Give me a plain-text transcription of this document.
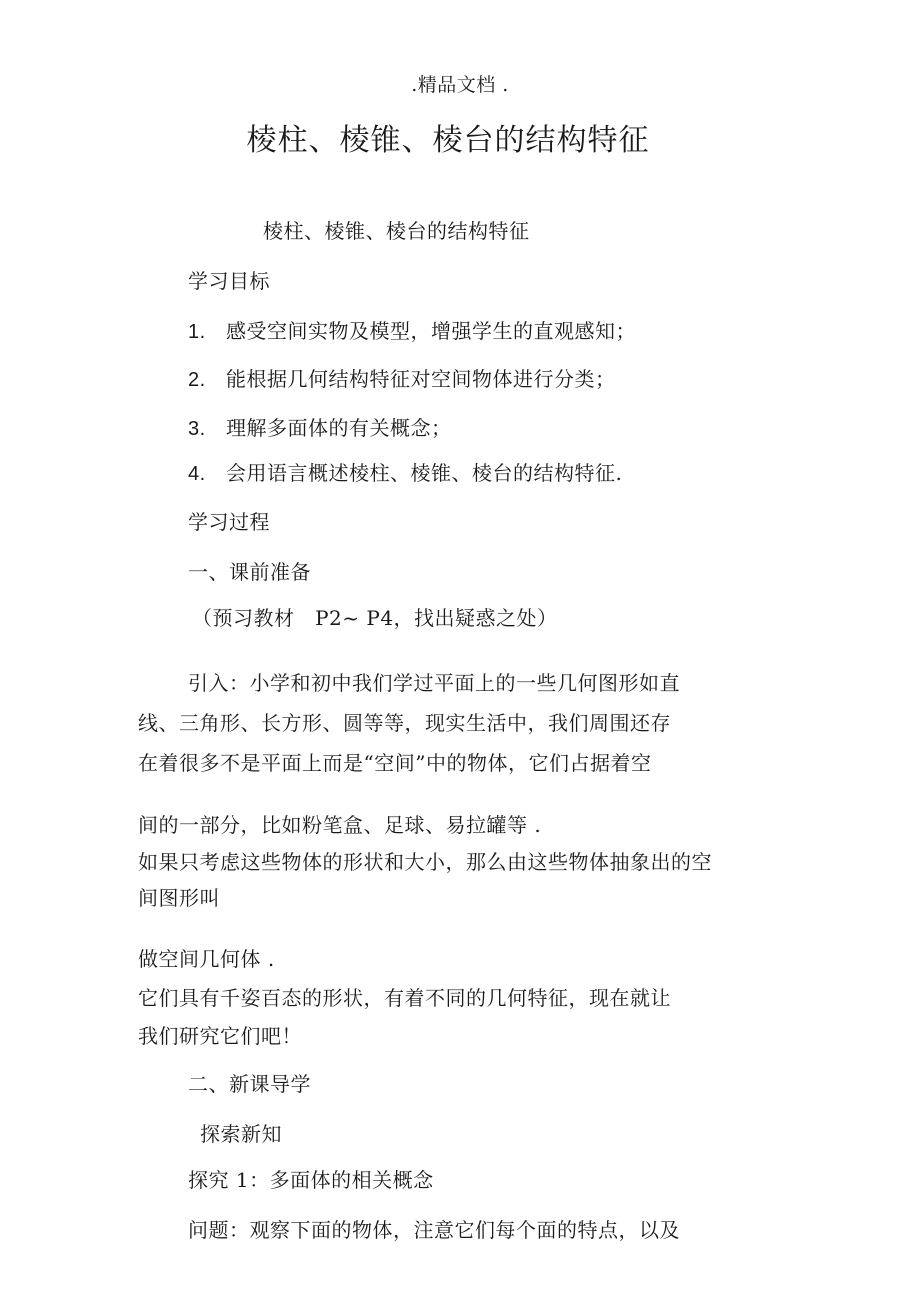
.精品文档 .
棱柱、棱锥、棱台的结构特征
棱柱、棱锥、棱台的结构特征
学习目标
1. 感受空间实物及模型，增强学生的直观感知；
2. 能根据几何结构特征对空间物体进行分类；
3. 理解多面体的有关概念；
4. 会用语言概述棱柱、棱锥、棱台的结构特征.
学习过程
一、课前准备
（预习教材   P2~ P4，找出疑惑之处）
引入：小学和初中我们学过平面上的一些几何图形如直
线、三角形、长方形、圆等等，现实生活中，我们周围还存
在着很多不是平面上而是“空间”中的物体，它们占据着空
间的一部分，比如粉笔盒、足球、易拉罐等 .
如果只考虑这些物体的形状和大小，那么由这些物体抽象出的空
间图形叫
做空间几何体 .
它们具有千姿百态的形状，有着不同的几何特征，现在就让
我们研究它们吧！
二、新课导学
探索新知
探究 1：多面体的相关概念
问题：观察下面的物体，注意它们每个面的特点，以及
